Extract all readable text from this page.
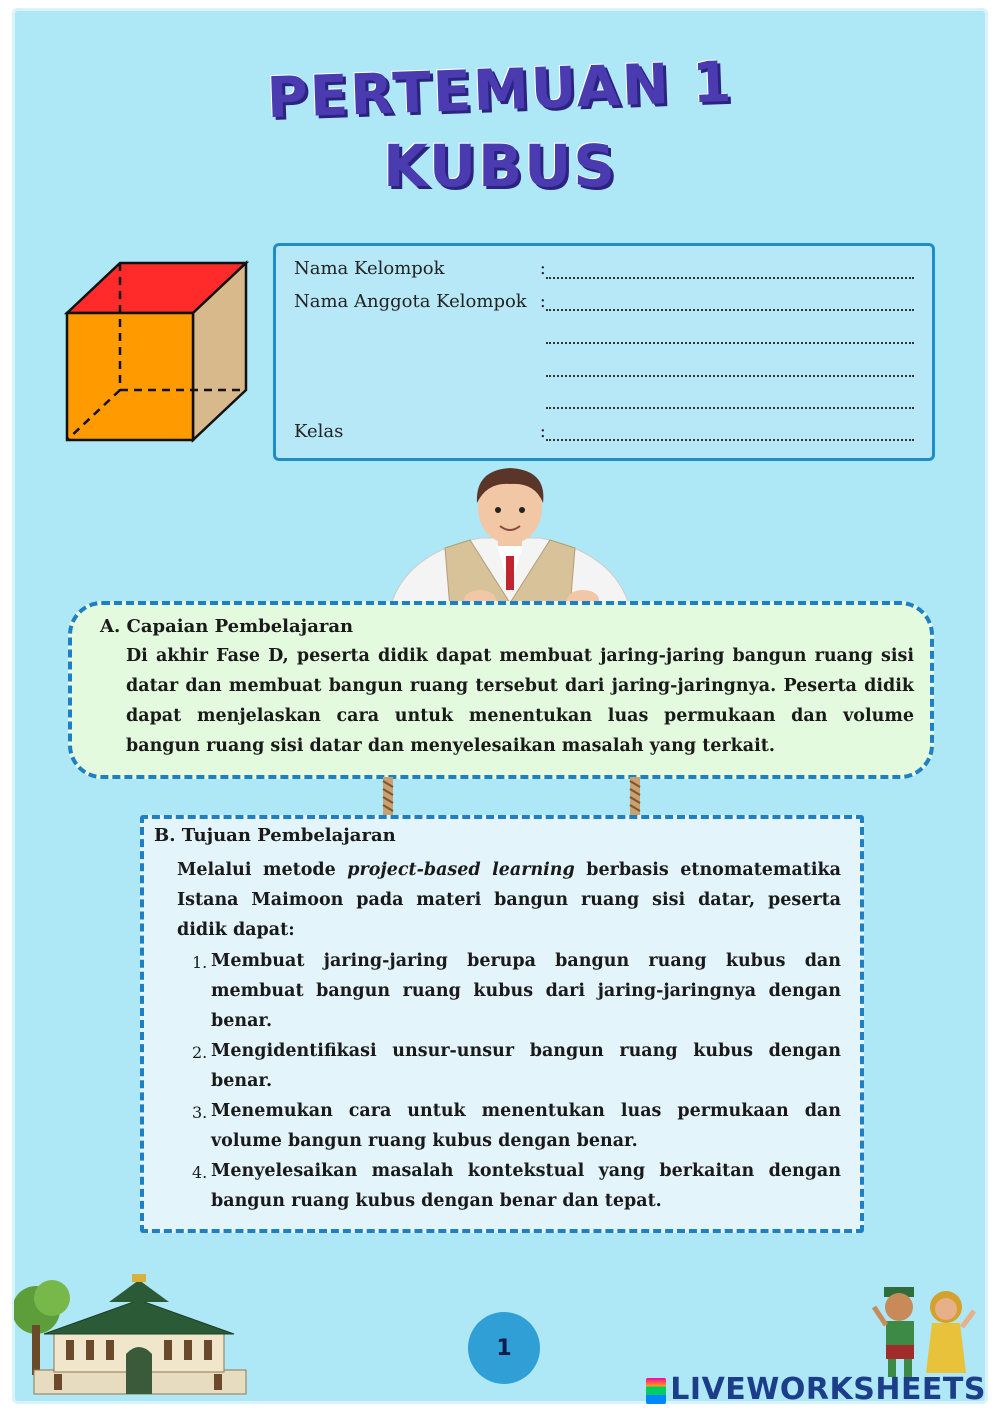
PERTEMUAN 1
KUBUS
Nama Kelompok	:
Nama Anggota Kelompok :
Kelas	:
A. Capaian Pembelajaran
Di akhir Fase D, peserta didik dapat membuat jaring-jaring bangun ruang sisi datar dan membuat bangun ruang tersebut dari jaring-jaringnya. Peserta didik dapat menjelaskan cara untuk menentukan luas permukaan dan volume bangun ruang sisi datar dan menyelesaikan masalah yang terkait.
B. Tujuan Pembelajaran
Melalui metode project-based learning berbasis etnomatematika Istana Maimoon pada materi bangun ruang sisi datar, peserta didik dapat:
1. Membuat jaring-jaring berupa bangun ruang kubus dan membuat bangun ruang kubus dari jaring-jaringnya dengan benar.
2. Mengidentifikasi unsur-unsur bangun ruang kubus dengan benar.
3. Menemukan cara untuk menentukan luas permukaan dan volume bangun ruang kubus dengan benar.
4. Menyelesaikan masalah kontekstual yang berkaitan dengan bangun ruang kubus dengan benar dan tepat.
1
LIVEWORKSHEETS
